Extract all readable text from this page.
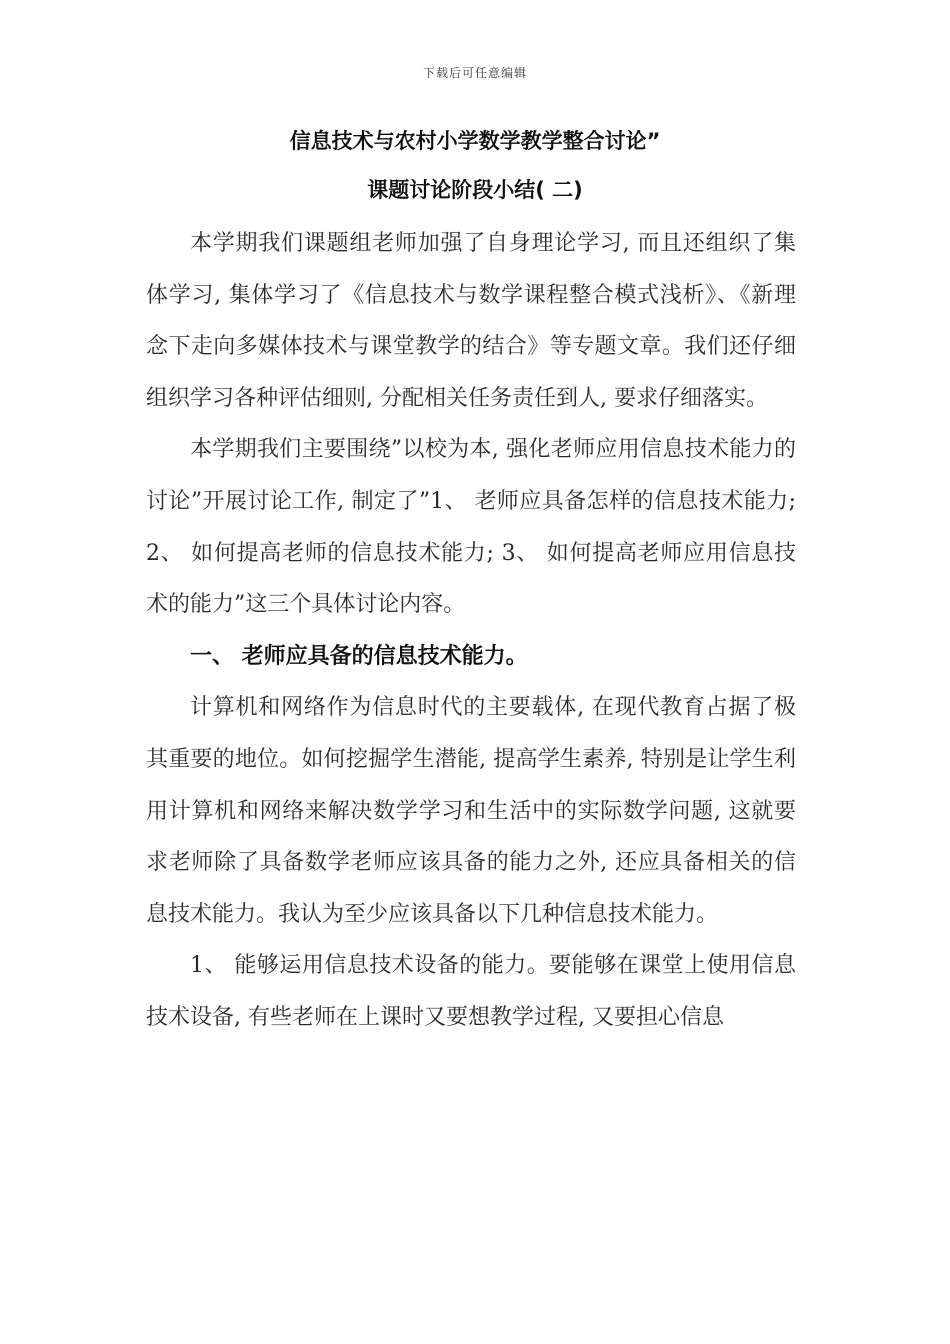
下载后可任意编辑
信息技术与农村小学数学教学整合讨论”
课题讨论阶段小结( 二)

本学期我们课题组老师加强了自身理论学习, 而且还组织了集体学习, 集体学习了《信息技术与数学课程整合模式浅析》、《新理念下走向多媒体技术与课堂教学的结合》等专题文章。我们还仔细组织学习各种评估细则, 分配相关任务责任到人, 要求仔细落实。

本学期我们主要围绕”以校为本, 强化老师应用信息技术能力的讨论”开展讨论工作, 制定了”1、 老师应具备怎样的信息技术能力; 2、 如何提高老师的信息技术能力; 3、 如何提高老师应用信息技术的能力”这三个具体讨论内容。

一、 老师应具备的信息技术能力。

计算机和网络作为信息时代的主要载体, 在现代教育占据了极其重要的地位。如何挖掘学生潜能, 提高学生素养, 特别是让学生利用计算机和网络来解决数学学习和生活中的实际数学问题, 这就要求老师除了具备数学老师应该具备的能力之外, 还应具备相关的信息技术能力。我认为至少应该具备以下几种信息技术能力。

1、 能够运用信息技术设备的能力。要能够在课堂上使用信息技术设备, 有些老师在上课时又要想教学过程, 又要担心信息
